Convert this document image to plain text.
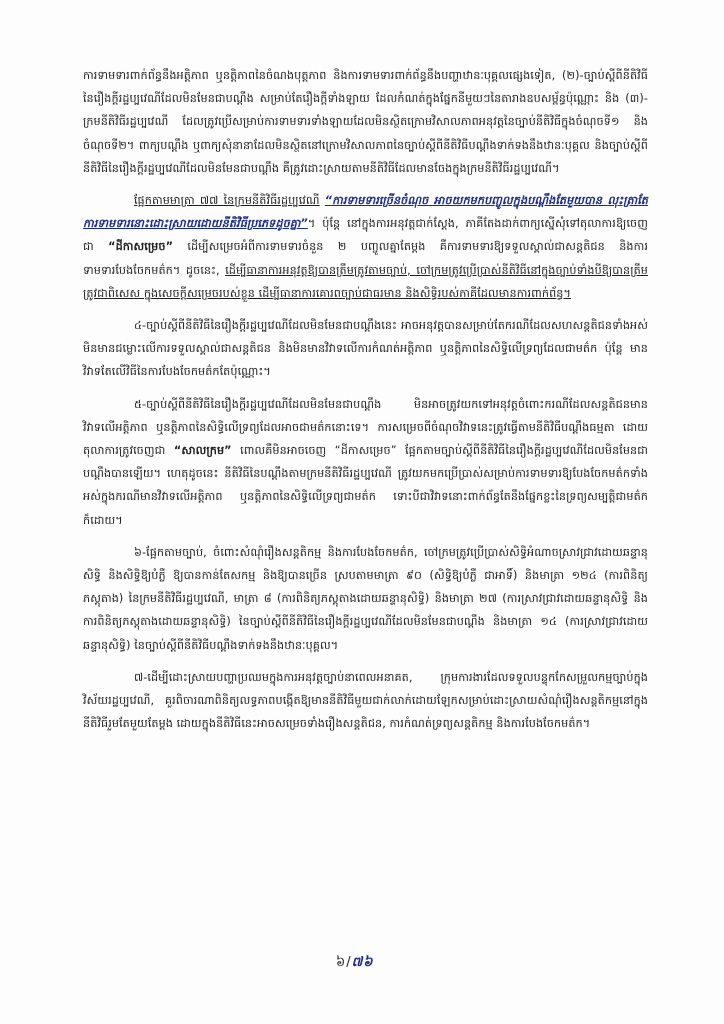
ការទាមទារពាក់ព័ន្ធនឹងអត្តិភាព ឬនត្តិភាពនៃចំណងបុត្តភាព និងការទាមទារពាក់ព័ន្ធនឹងបញ្ហាឋានៈបុគ្គលផ្សេងទៀត, (២)-ច្បាប់ស្តីពីនីតិវិធីនៃរឿងក្តីរដ្ឋប្បវេណីដែលមិនមែនជាបណ្តឹង សម្រាប់តែរឿងក្តីទាំងឡាយ ដែលកំណត់ក្នុងផ្នែកនីមួយៗនៃតារាងឧបសម្ព័ន្ធប៉ុណ្ណោះ និង (៣)-ក្រមនីតិវិធីរដ្ឋប្បវេណី ដែលត្រូវប្រើសម្រាប់ការទាមទារទាំងឡាយដែលមិនស្ថិតក្រោមវិសាលភាពអនុវត្តនៃច្បាប់នីតិវិធីក្នុងចំណុចទី១ និងចំណុចទី២។ ពាក្យបណ្តឹង ឬពាក្យសុំនានាដែលមិនស្ថិតនៅក្រោមវិសាលភាពនៃច្បាប់ស្តីពីនីតិវិធីបណ្តឹងទាក់ទងនឹងឋានៈបុគ្គល និងច្បាប់ស្តីពីនីតិវិធីនៃរឿងក្តីរដ្ឋប្បវេណីដែលមិនមែនជាបណ្តឹង គឺត្រូវដោះស្រាយតាមនីតិវិធីដែលមានចែងក្នុងក្រមនីតិវិធីរដ្ឋប្បវេណី។

ផ្អែកតាមមាត្រា ៧៧ នៃក្រមនីតិវិធីរដ្ឋប្បវេណី “ការទាមទារច្រើនចំណុច អាចយកមកបញ្ចូលក្នុងបណ្តឹងតែមួយបាន លុះត្រាតែការទាមទារនោះដោះស្រាយដោយនីតិវិធីប្រភេទដូចគ្នា”។ ប៉ុន្តែ នៅក្នុងការអនុវត្តជាក់ស្តែង, ភាគីតែងដាក់ពាក្យស្នើសុំទៅតុលាការឱ្យចេញជា “ដីកាសម្រេច” ដើម្បីសម្រេចអំពីការទាមទារចំនួន ២ បញ្ចូលគ្នាតែម្តង គឺការទាមទារឱ្យទទួលស្គាល់ជាសន្តតិជន និងការទាមទារបែងចែកមត៌ក។ ដូចនេះ, ដើម្បីធានាការអនុវត្តឱ្យបានត្រឹមត្រូវតាមច្បាប់, ចៅក្រមត្រូវប្រើប្រាស់នីតិវិធីនៅក្នុងច្បាប់ទាំងបីឱ្យបានត្រឹមត្រូវជាពិសេស ក្នុងសេចក្តីសម្រេចរបស់ខ្លួន ដើម្បីធានាការគោរពច្បាប់ជាធរមាន និងសិទ្ធិរបស់ភាគីដែលមានការពាក់ព័ន្ធ។

៤-ច្បាប់ស្តីពីនីតិវិធីនៃរឿងក្តីរដ្ឋប្បវេណីដែលមិនមែនជាបណ្តឹងនេះ អាចអនុវត្តបានសម្រាប់តែករណីដែលសហសន្តតិជនទាំងអស់មិនមានជម្លោះលើការទទួលស្គាល់ជាសន្តតិជន និងមិនមានវិវាទលើការកំណត់អត្តិភាព ឬនត្តិភាពនៃសិទ្ធិលើទ្រព្យដែលជាមត៌ក ប៉ុន្តែ មានវិវាទតែលើវិធីនៃការបែងចែកមត៌កតែប៉ុណ្ណោះ។

៥-ច្បាប់ស្តីពីនីតិវិធីនៃរឿងក្តីរដ្ឋប្បវេណីដែលមិនមែនជាបណ្តឹង មិនអាចត្រូវយកទៅអនុវត្តចំពោះករណីដែលសន្តតិជនមានវិវាទលើអត្តិភាព ឬនត្តិភាពនៃសិទ្ធិលើទ្រព្យដែលអាចជាមត៌កនោះទេ។ ការសម្រេចពីចំណុចវិវាទនេះត្រូវធ្វើតាមនីតិវិធីបណ្តឹងធម្មតា ដោយតុលាការត្រូវចេញជា “សាលក្រម” ពោលគឺមិនអាចចេញ “ដីកាសម្រេច” ផ្អែកតាមច្បាប់ស្តីពីនីតិវិធីនៃរឿងក្តីរដ្ឋប្បវេណីដែលមិនមែនជាបណ្តឹងបានឡើយ។ ហេតុដូចនេះ នីតិវិធីនៃបណ្តឹងតាមក្រមនីតិវិធីរដ្ឋប្បវេណី ត្រូវយកមកប្រើប្រាស់សម្រាប់ការទាមទារឱ្យបែងចែកមត៌កទាំងអស់ក្នុងករណីមានវិវាទលើអត្តិភាព ឬនត្តិភាពនៃសិទ្ធិលើទ្រព្យជាមត៌ក ទោះបីជាវិវាទនោះពាក់ព័ន្ធតែនឹងផ្នែកខ្លះនៃទ្រព្យសម្បត្តិជាមត៌កក៏ដោយ។

៦-ផ្អែកតាមច្បាប់, ចំពោះសំណុំរឿងសន្តតិកម្ម និងការបែងចែកមត៌ក, ចៅក្រមត្រូវប្រើប្រាស់សិទ្ធិអំណាចស្រាវជ្រាវដោយឆន្ទានុសិទ្ធិ និងសិទ្ធិឱ្យបំភ្លឺ ឱ្យបានកាន់តែសកម្ម និងឱ្យបានច្រើន ស្របតាមមាត្រា ៩០ (សិទ្ធិឱ្យបំភ្លឺ ជាអាទិ៍) និងមាត្រា ១២៤ (ការពិនិត្យភស្តុតាង) នៃក្រមនីតិវិធីរដ្ឋប្បវេណី, មាត្រា ៨ (ការពិនិត្យភស្តុតាងដោយឆន្ទានុសិទ្ធិ) និងមាត្រា ២៧ (ការស្រាវជ្រាវដោយឆន្ទានុសិទ្ធិ និងការពិនិត្យភស្តុតាងដោយឆន្ទានុសិទ្ធិ) នៃច្បាប់ស្តីពីនីតិវិធីនៃរឿងក្តីរដ្ឋប្បវេណីដែលមិនមែនជាបណ្តឹង និងមាត្រា ១៤ (ការស្រាវជ្រាវដោយឆន្ទានុសិទ្ធិ) នៃច្បាប់ស្តីពីនីតិវិធីបណ្តឹងទាក់ទងនឹងឋានៈបុគ្គល។

៧-ដើម្បីដោះស្រាយបញ្ហាប្រឈមក្នុងការអនុវត្តច្បាប់នាពេលអនាគត, ក្រុមការងារដែលទទួលបន្ទុកកែសម្រួលកម្មច្បាប់ក្នុងវិស័យរដ្ឋប្បវេណី, គួរពិចារណាពិនិត្យលទ្ធភាពបង្កើតឱ្យមាននីតិវិធីមួយជាក់លាក់ដោយឡែកសម្រាប់ដោះស្រាយសំណុំរឿងសន្តតិកម្មនៅក្នុងនីតិវិធីរួមតែមួយតែម្តង ដោយក្នុងនីតិវិធីនេះអាចសម្រេចទាំងរឿងសន្តតិជន, ការកំណត់ទ្រព្យសន្តតិកម្ម និងការបែងចែកមត៌ក។

៦/៧៦
